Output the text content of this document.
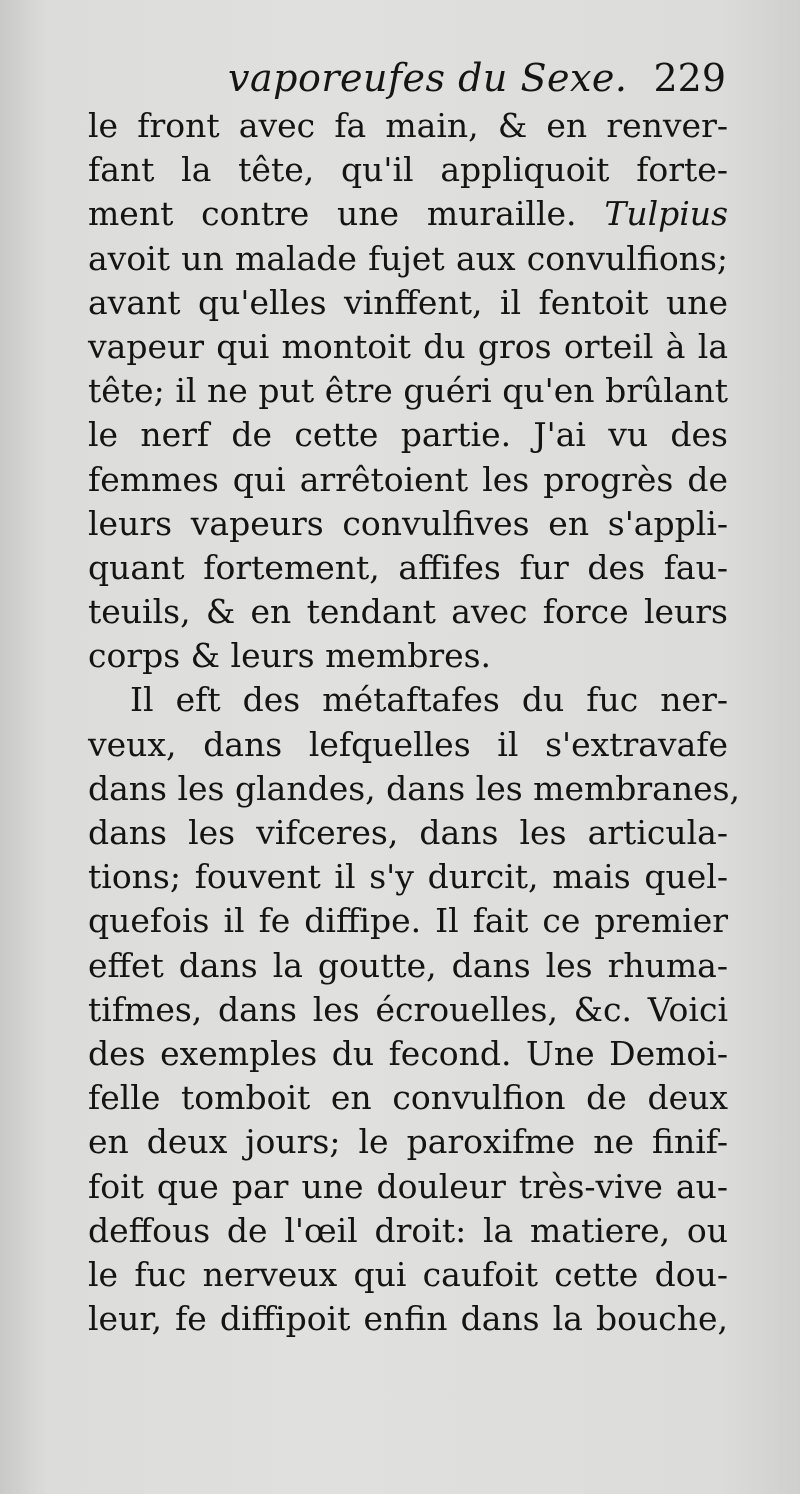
vaporeufes du Sexe. 229
le front avec fa main, & en renver-
fant la tête, qu'il appliquoit forte-
ment contre une muraille. Tulpius
avoit un malade fujet aux convulfions;
avant qu'elles vinffent, il fentoit une
vapeur qui montoit du gros orteil à la
tête; il ne put être guéri qu'en brûlant
le nerf de cette partie. J'ai vu des
femmes qui arrêtoient les progrès de
leurs vapeurs convulfives en s'appli-
quant fortement, affifes fur des fau-
teuils, & en tendant avec force leurs
corps & leurs membres.
Il eft des métaftafes du fuc ner-
veux, dans lefquelles il s'extravafe
dans les glandes, dans les membranes,
dans les vifceres, dans les articula-
tions; fouvent il s'y durcit, mais quel-
quefois il fe diffipe. Il fait ce premier
effet dans la goutte, dans les rhuma-
tifmes, dans les écrouelles, &c. Voici
des exemples du fecond. Une Demoi-
felle tomboit en convulfion de deux
en deux jours; le paroxifme ne finif-
foit que par une douleur très-vive au-
deffous de l'œil droit: la matiere, ou
le fuc nerveux qui caufoit cette dou-
leur, fe diffipoit enfin dans la bouche,
